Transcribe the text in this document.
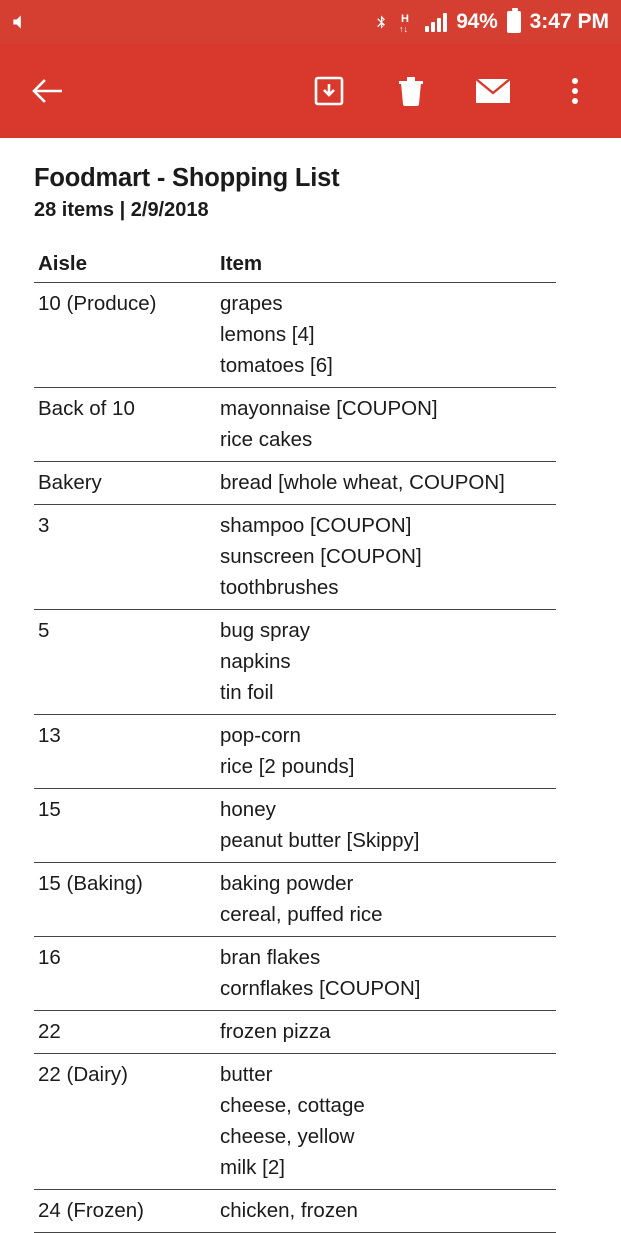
H
↑↓ 94% 3:47 PM
Foodmart - Shopping List
28 items | 2/9/2018
Aisle	Item
10 (Produce)	grapes
lemons [4]
tomatoes [6]

Back of 10	mayonnaise [COUPON]
rice cakes

Bakery	bread [whole wheat, COUPON]

3	shampoo [COUPON]
sunscreen [COUPON]
toothbrushes

5	bug spray
napkins
tin foil

13	pop-corn
rice [2 pounds]

15	honey
peanut butter [Skippy]

15 (Baking)	baking powder
cereal, puffed rice

16	bran flakes
cornflakes [COUPON]

22	frozen pizza

22 (Dairy)	butter
cheese, cottage
cheese, yellow
milk [2]

24 (Frozen)	chicken, frozen
